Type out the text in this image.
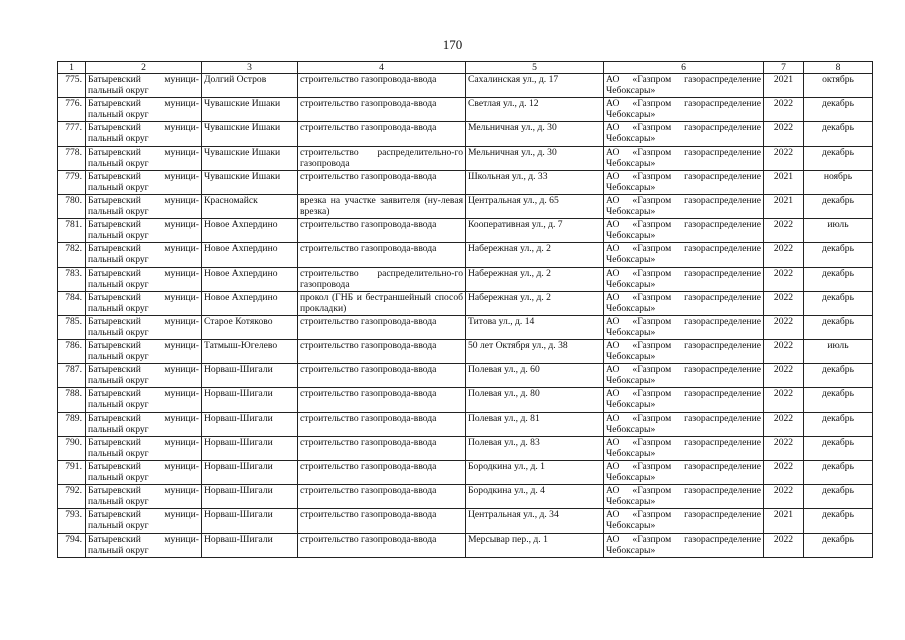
170
1	2	3	4	5	6	7	8
775.	Батыревский муници-пальный округ	Долгий Остров	строительство газопровода-ввода	Сахалинская ул., д. 17	АО «Газпром газораспределение Чебоксары»	2021	октябрь
776.	Батыревский муници-пальный округ	Чувашские Ишаки	строительство газопровода-ввода	Светлая ул., д. 12	АО «Газпром газораспределение Чебоксары»	2022	декабрь
777.	Батыревский муници-пальный округ	Чувашские Ишаки	строительство газопровода-ввода	Мельничная ул., д. 30	АО «Газпром газораспределение Чебоксары»	2022	декабрь
778.	Батыревский муници-пальный округ	Чувашские Ишаки	строительство распределительно-го газопровода	Мельничная ул., д. 30	АО «Газпром газораспределение Чебоксары»	2022	декабрь
779.	Батыревский муници-пальный округ	Чувашские Ишаки	строительство газопровода-ввода	Школьная ул., д. 33	АО «Газпром газораспределение Чебоксары»	2021	ноябрь
780.	Батыревский муници-пальный округ	Красномайск	врезка на участке заявителя (ну-левая врезка)	Центральная ул., д. 65	АО «Газпром газораспределение Чебоксары»	2021	декабрь
781.	Батыревский муници-пальный округ	Новое Ахпердино	строительство газопровода-ввода	Кооперативная ул., д. 7	АО «Газпром газораспределение Чебоксары»	2022	июль
782.	Батыревский муници-пальный округ	Новое Ахпердино	строительство газопровода-ввода	Набережная ул., д. 2	АО «Газпром газораспределение Чебоксары»	2022	декабрь
783.	Батыревский муници-пальный округ	Новое Ахпердино	строительство распределительно-го газопровода	Набережная ул., д. 2	АО «Газпром газораспределение Чебоксары»	2022	декабрь
784.	Батыревский муници-пальный округ	Новое Ахпердино	прокол (ГНБ и бестраншейный способ прокладки)	Набережная ул., д. 2	АО «Газпром газораспределение Чебоксары»	2022	декабрь
785.	Батыревский муници-пальный округ	Старое Котяково	строительство газопровода-ввода	Титова ул., д. 14	АО «Газпром газораспределение Чебоксары»	2022	декабрь
786.	Батыревский муници-пальный округ	Татмыш-Югелево	строительство газопровода-ввода	50 лет Октября ул., д. 38	АО «Газпром газораспределение Чебоксары»	2022	июль
787.	Батыревский муници-пальный округ	Норваш-Шигали	строительство газопровода-ввода	Полевая ул., д. 60	АО «Газпром газораспределение Чебоксары»	2022	декабрь
788.	Батыревский муници-пальный округ	Норваш-Шигали	строительство газопровода-ввода	Полевая ул., д. 80	АО «Газпром газораспределение Чебоксары»	2022	декабрь
789.	Батыревский муници-пальный округ	Норваш-Шигали	строительство газопровода-ввода	Полевая ул., д. 81	АО «Газпром газораспределение Чебоксары»	2022	декабрь
790.	Батыревский муници-пальный округ	Норваш-Шигали	строительство газопровода-ввода	Полевая ул., д. 83	АО «Газпром газораспределение Чебоксары»	2022	декабрь
791.	Батыревский муници-пальный округ	Норваш-Шигали	строительство газопровода-ввода	Бородкина ул., д. 1	АО «Газпром газораспределение Чебоксары»	2022	декабрь
792.	Батыревский муници-пальный округ	Норваш-Шигали	строительство газопровода-ввода	Бородкина ул., д. 4	АО «Газпром газораспределение Чебоксары»	2022	декабрь
793.	Батыревский муници-пальный округ	Норваш-Шигали	строительство газопровода-ввода	Центральная ул., д. 34	АО «Газпром газораспределение Чебоксары»	2021	декабрь
794.	Батыревский муници-пальный округ	Норваш-Шигали	строительство газопровода-ввода	Мерсывар пер., д. 1	АО «Газпром газораспределение Чебоксары»	2022	декабрь
